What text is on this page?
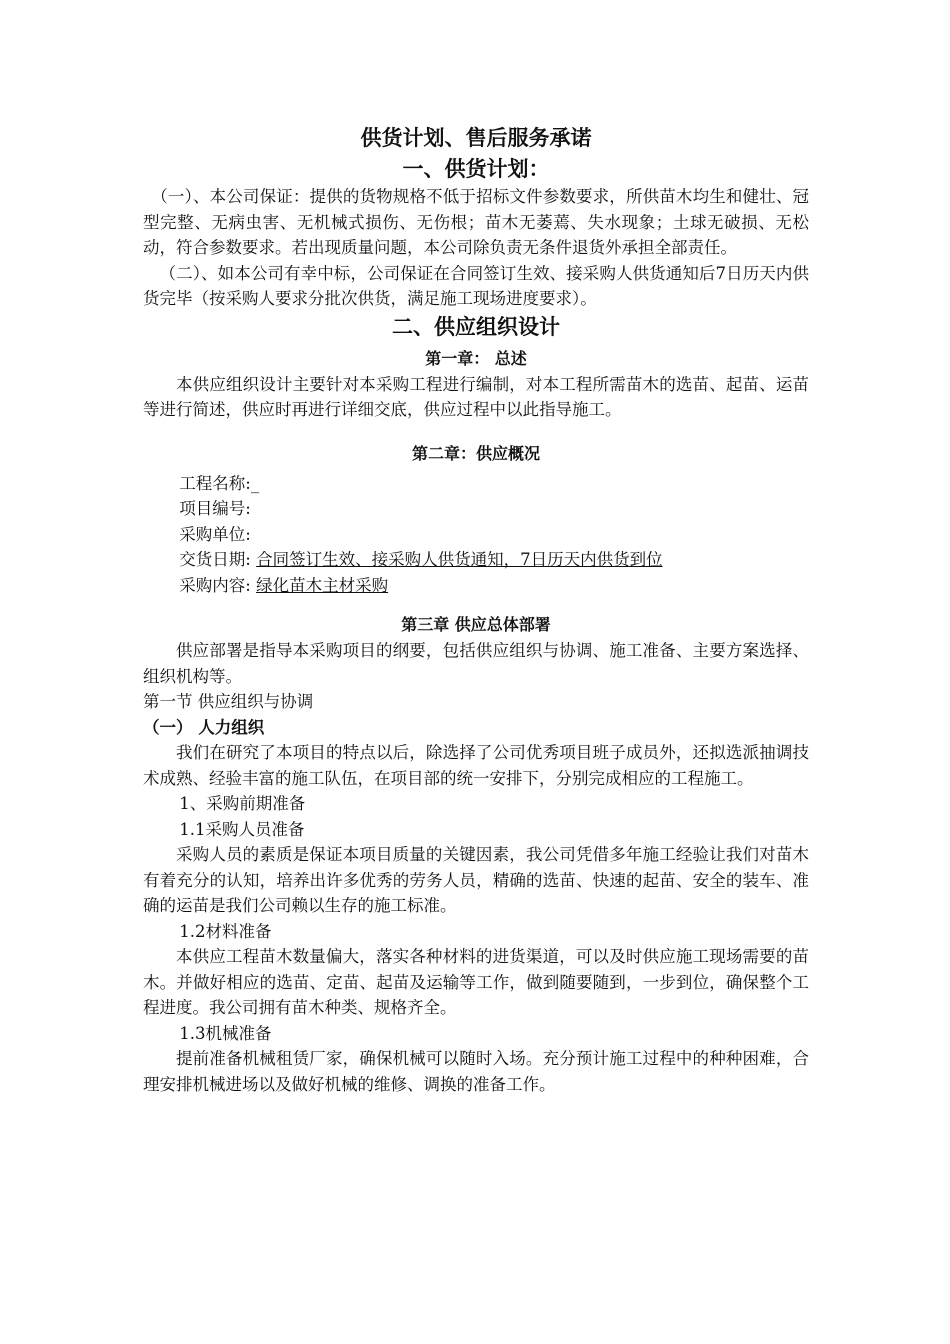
供货计划、售后服务承诺
一、供货计划：

（一）、本公司保证：提供的货物规格不低于招标文件参数要求，所供苗木均生和健壮、冠型完整、无病虫害、无机械式损伤、无伤根；苗木无萎蔫、失水现象；土球无破损、无松动，符合参数要求。若出现质量问题，本公司除负责无条件退货外承担全部责任。

（二）、如本公司有幸中标，公司保证在合同签订生效、接采购人供货通知后7日历天内供货完毕（按采购人要求分批次供货，满足施工现场进度要求）。

二、供应组织设计
第一章： 总述

本供应组织设计主要针对本采购工程进行编制，对本工程所需苗木的选苗、起苗、运苗等进行简述，供应时再进行详细交底，供应过程中以此指导施工。

第二章：供应概况
工程名称:_
项目编号:
采购单位:
交货日期: 合同签订生效、接采购人供货通知，7日历天内供货到位
采购内容: 绿化苗木主材采购
第三章 供应总体部署

供应部署是指导本采购项目的纲要，包括供应组织与协调、施工准备、主要方案选择、组织机构等。

第一节 供应组织与协调
（一） 人力组织

我们在研究了本项目的特点以后，除选择了公司优秀项目班子成员外，还拟选派抽调技术成熟、经验丰富的施工队伍，在项目部的统一安排下，分别完成相应的工程施工。

1、采购前期准备
1.1采购人员准备

采购人员的素质是保证本项目质量的关键因素，我公司凭借多年施工经验让我们对苗木有着充分的认知，培养出许多优秀的劳务人员，精确的选苗、快速的起苗、安全的装车、准确的运苗是我们公司赖以生存的施工标准。

1.2材料准备

本供应工程苗木数量偏大，落实各种材料的进货渠道，可以及时供应施工现场需要的苗木。并做好相应的选苗、定苗、起苗及运输等工作，做到随要随到，一步到位，确保整个工程进度。我公司拥有苗木种类、规格齐全。

1.3机械准备

提前准备机械租赁厂家，确保机械可以随时入场。充分预计施工过程中的种种困难，合理安排机械进场以及做好机械的维修、调换的准备工作。
